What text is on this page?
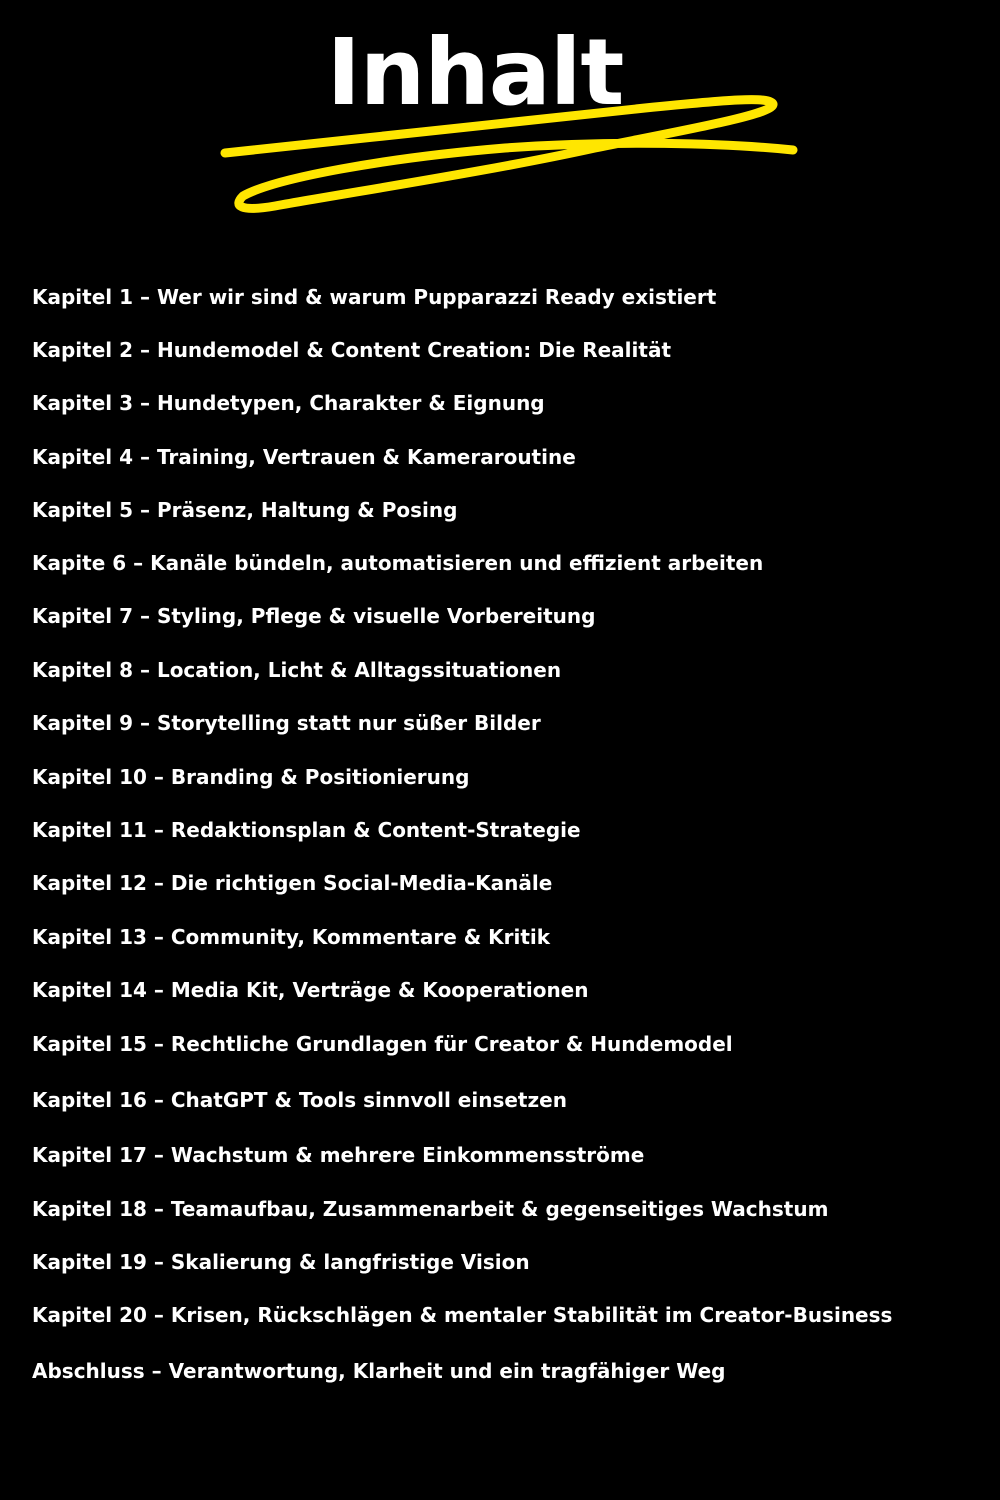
Inhalt
Kapitel 1 – Wer wir sind & warum Pupparazzi Ready existiert
Kapitel 2 – Hundemodel & Content Creation: Die Realität
Kapitel 3 – Hundetypen, Charakter & Eignung
Kapitel 4 – Training, Vertrauen & Kameraroutine
Kapitel 5 – Präsenz, Haltung & Posing
Kapite 6 – Kanäle bündeln, automatisieren und effizient arbeiten
Kapitel 7 – Styling, Pflege & visuelle Vorbereitung
Kapitel 8 – Location, Licht & Alltagssituationen
Kapitel 9 – Storytelling statt nur süßer Bilder
Kapitel 10 – Branding & Positionierung
Kapitel 11 – Redaktionsplan & Content-Strategie
Kapitel 12 – Die richtigen Social-Media-Kanäle
Kapitel 13 – Community, Kommentare & Kritik
Kapitel 14 – Media Kit, Verträge & Kooperationen
Kapitel 15 – Rechtliche Grundlagen für Creator & Hundemodel
Kapitel 16 – ChatGPT & Tools sinnvoll einsetzen
Kapitel 17 – Wachstum & mehrere Einkommensströme
Kapitel 18 – Teamaufbau, Zusammenarbeit & gegenseitiges Wachstum
Kapitel 19 – Skalierung & langfristige Vision
Kapitel 20 – Krisen, Rückschlägen & mentaler Stabilität im Creator-Business
Abschluss – Verantwortung, Klarheit und ein tragfähiger Weg
